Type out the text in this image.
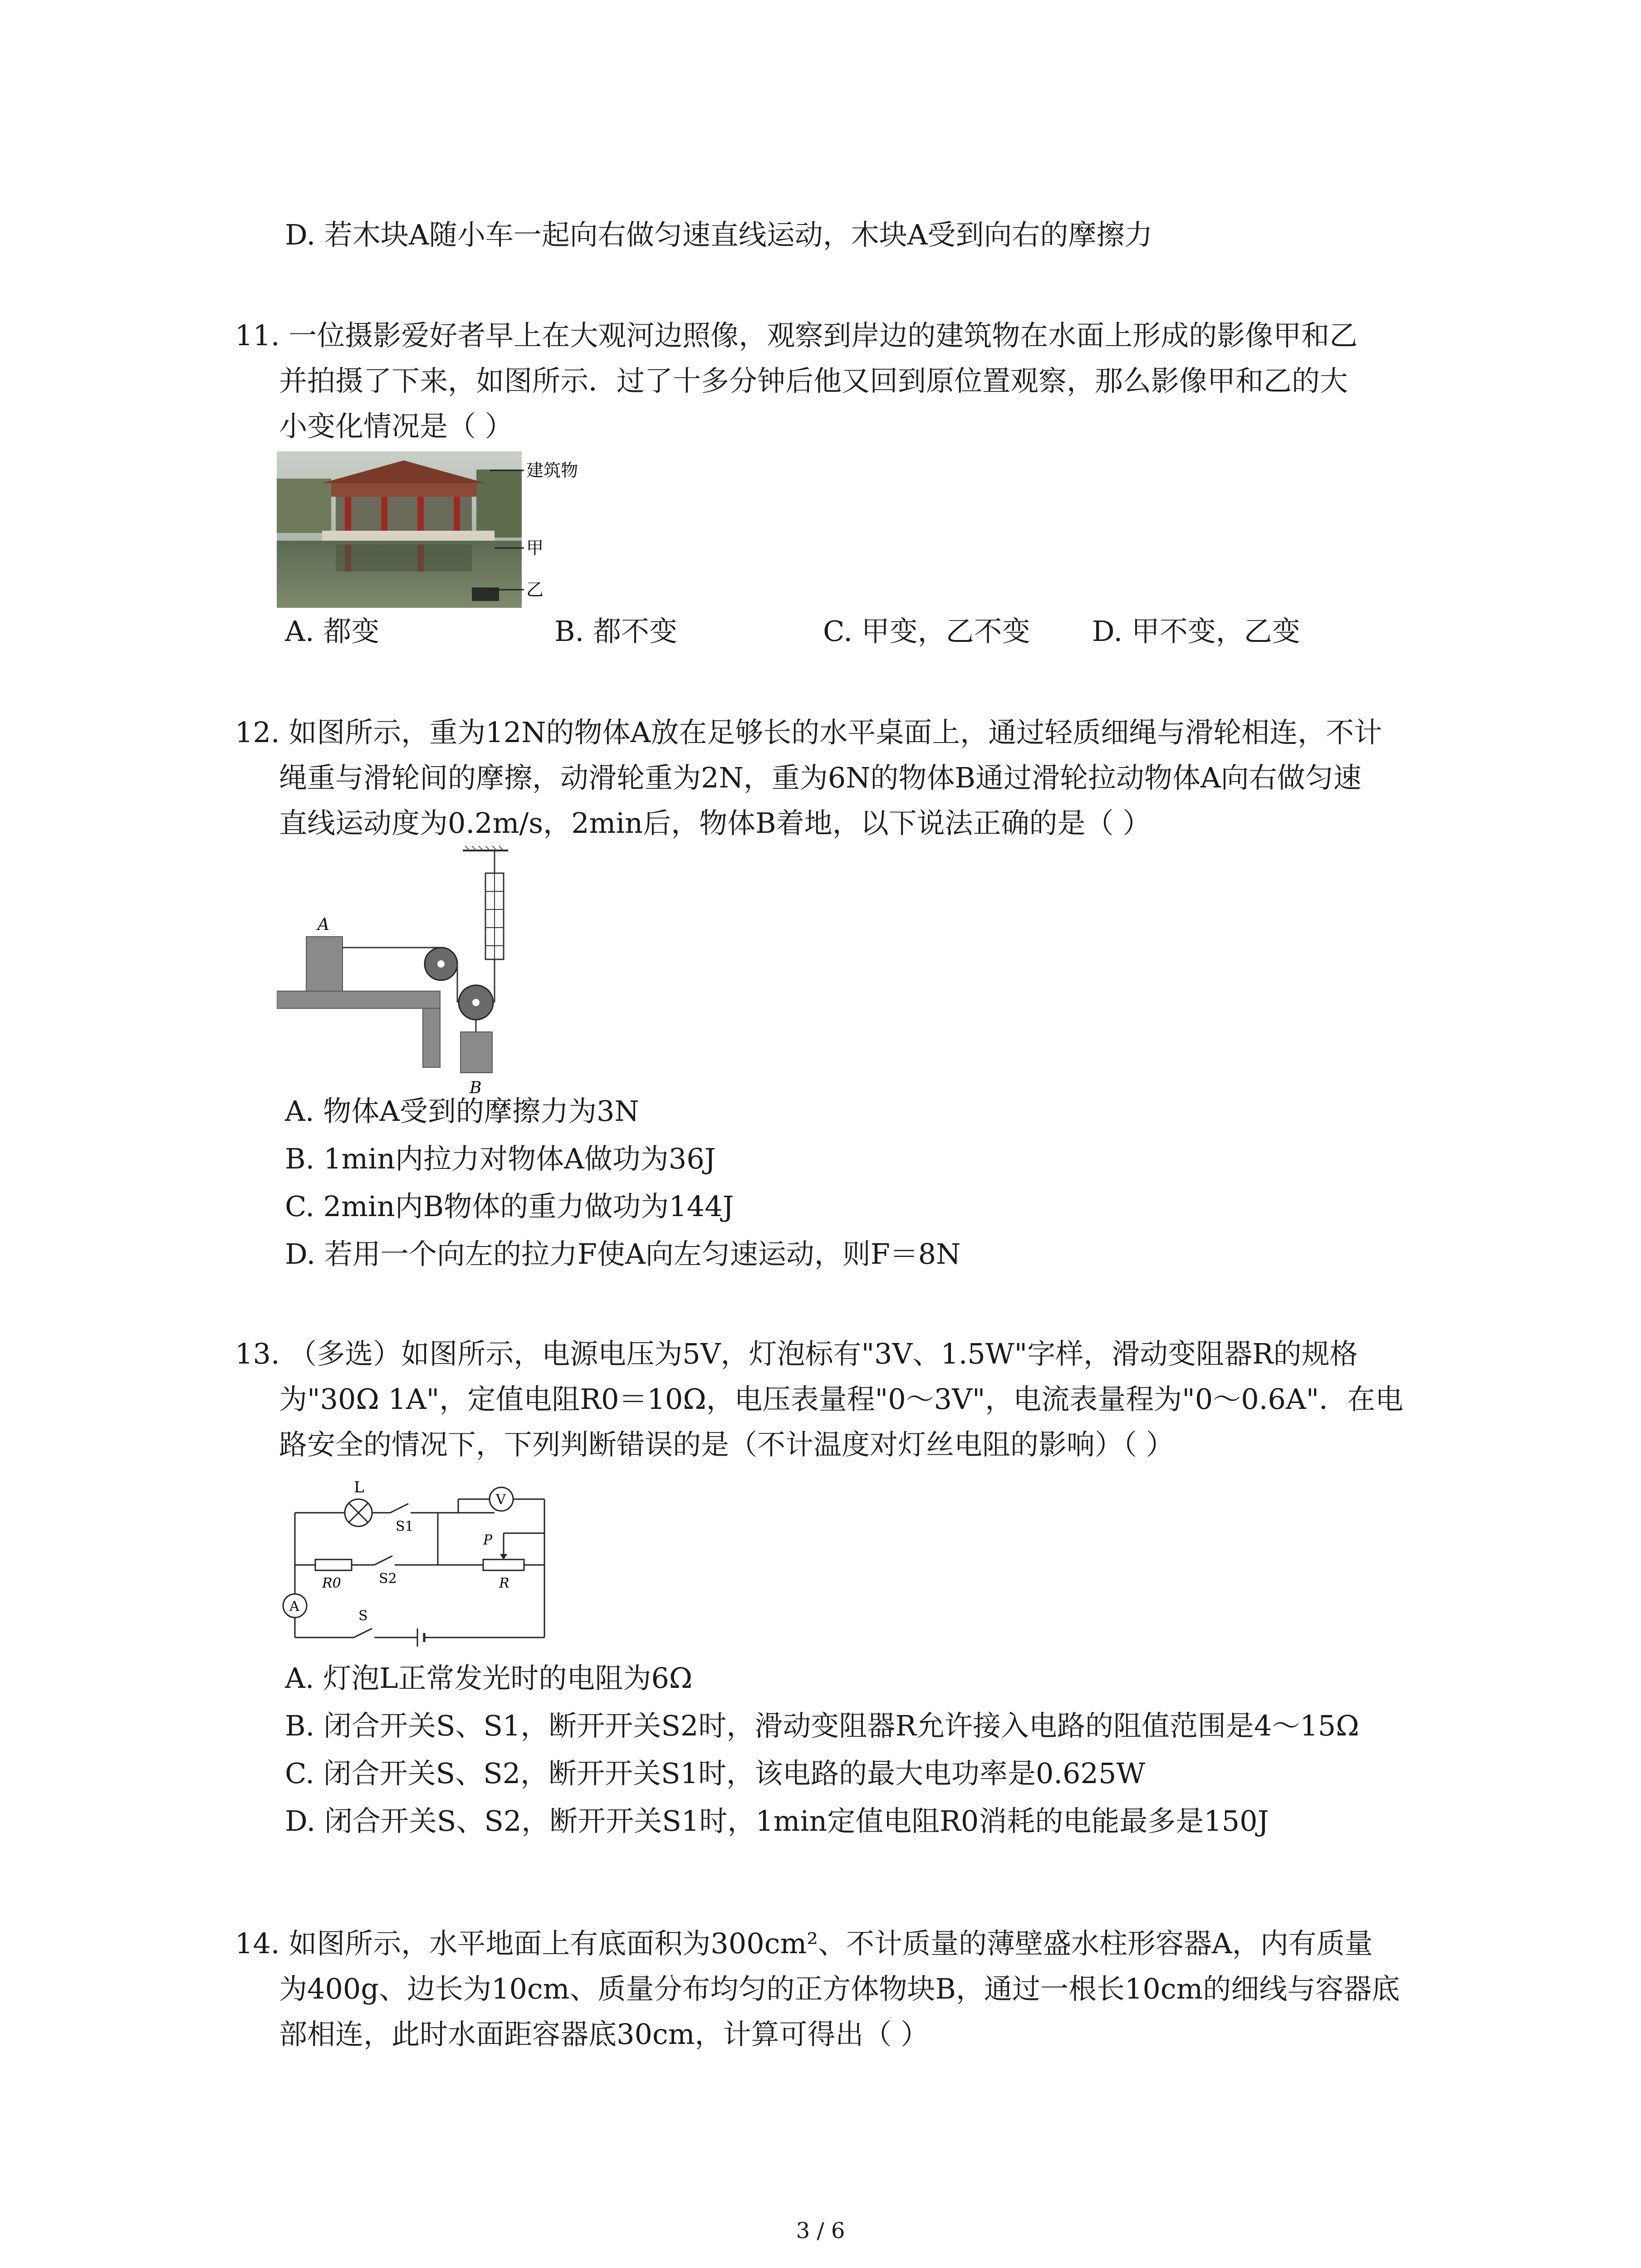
D. 若木块A随小车一起向右做匀速直线运动，木块A受到向右的摩擦力
11. 一位摄影爱好者早上在大观河边照像，观察到岸边的建筑物在水面上形成的影像甲和乙
并拍摄了下来，如图所示．过了十多分钟后他又回到原位置观察，那么影像甲和乙的大
小变化情况是（ ）
建筑物
甲
乙
A. 都变	B. 都不变	C. 甲变，乙不变 D. 甲不变，乙变
12. 如图所示，重为12N的物体A放在足够长的水平桌面上，通过轻质细绳与滑轮相连，不计
绳重与滑轮间的摩擦，动滑轮重为2N，重为6N的物体B通过滑轮拉动物体A向右做匀速
直线运动度为0.2m/s，2min后，物体B着地，以下说法正确的是（ ）
A
B
A. 物体A受到的摩擦力为3N
B. 1min内拉力对物体A做功为36J
C. 2min内B物体的重力做功为144J
D. 若用一个向左的拉力F使A向左匀速运动，则F＝8N
13. （多选）如图所示，电源电压为5V，灯泡标有"3V、1.5W"字样，滑动变阻器R的规格
为"30Ω 1A"，定值电阻R0＝10Ω，电压表量程"0～3V"，电流表量程为"0～0.6A"．在电
路安全的情况下，下列判断错误的是（不计温度对灯丝电阻的影响）（ ）
L
S1
V
R0	S2
P
R
A
S
A. 灯泡L正常发光时的电阻为6Ω
B. 闭合开关S、S1，断开开关S2时，滑动变阻器R允许接入电路的阻值范围是4～15Ω
C. 闭合开关S、S2，断开开关S1时，该电路的最大电功率是0.625W
D. 闭合开关S、S2，断开开关S1时，1min定值电阻R0消耗的电能最多是150J
14. 如图所示，水平地面上有底面积为300cm²、不计质量的薄壁盛水柱形容器A，内有质量
为400g、边长为10cm、质量分布均匀的正方体物块B，通过一根长10cm的细线与容器底
部相连，此时水面距容器底30cm，计算可得出（ ）
3 / 6
